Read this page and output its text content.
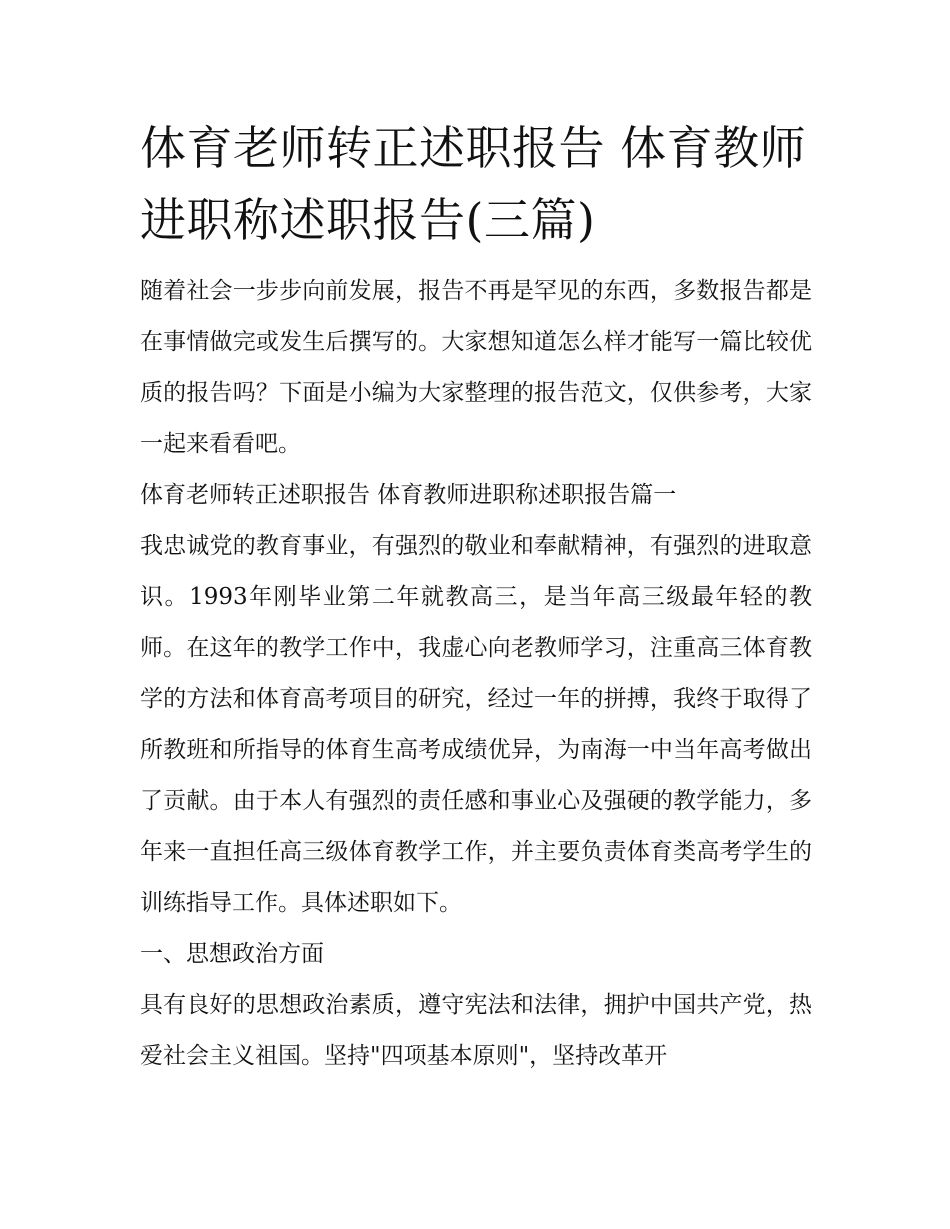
体育老师转正述职报告 体育教师进职称述职报告(三篇)

随着社会一步步向前发展，报告不再是罕见的东西，多数报告都是在事情做完或发生后撰写的。大家想知道怎么样才能写一篇比较优质的报告吗？下面是小编为大家整理的报告范文，仅供参考，大家一起来看看吧。

体育老师转正述职报告 体育教师进职称述职报告篇一

我忠诚党的教育事业，有强烈的敬业和奉献精神，有强烈的进取意识。1993年刚毕业第二年就教高三，是当年高三级最年轻的教师。在这年的教学工作中，我虚心向老教师学习，注重高三体育教学的方法和体育高考项目的研究，经过一年的拼搏，我终于取得了所教班和所指导的体育生高考成绩优异，为南海一中当年高考做出了贡献。由于本人有强烈的责任感和事业心及强硬的教学能力，多年来一直担任高三级体育教学工作，并主要负责体育类高考学生的训练指导工作。具体述职如下。

一、思想政治方面

具有良好的思想政治素质，遵守宪法和法律，拥护中国共产党，热爱社会主义祖国。坚持"四项基本原则"，坚持改革开
